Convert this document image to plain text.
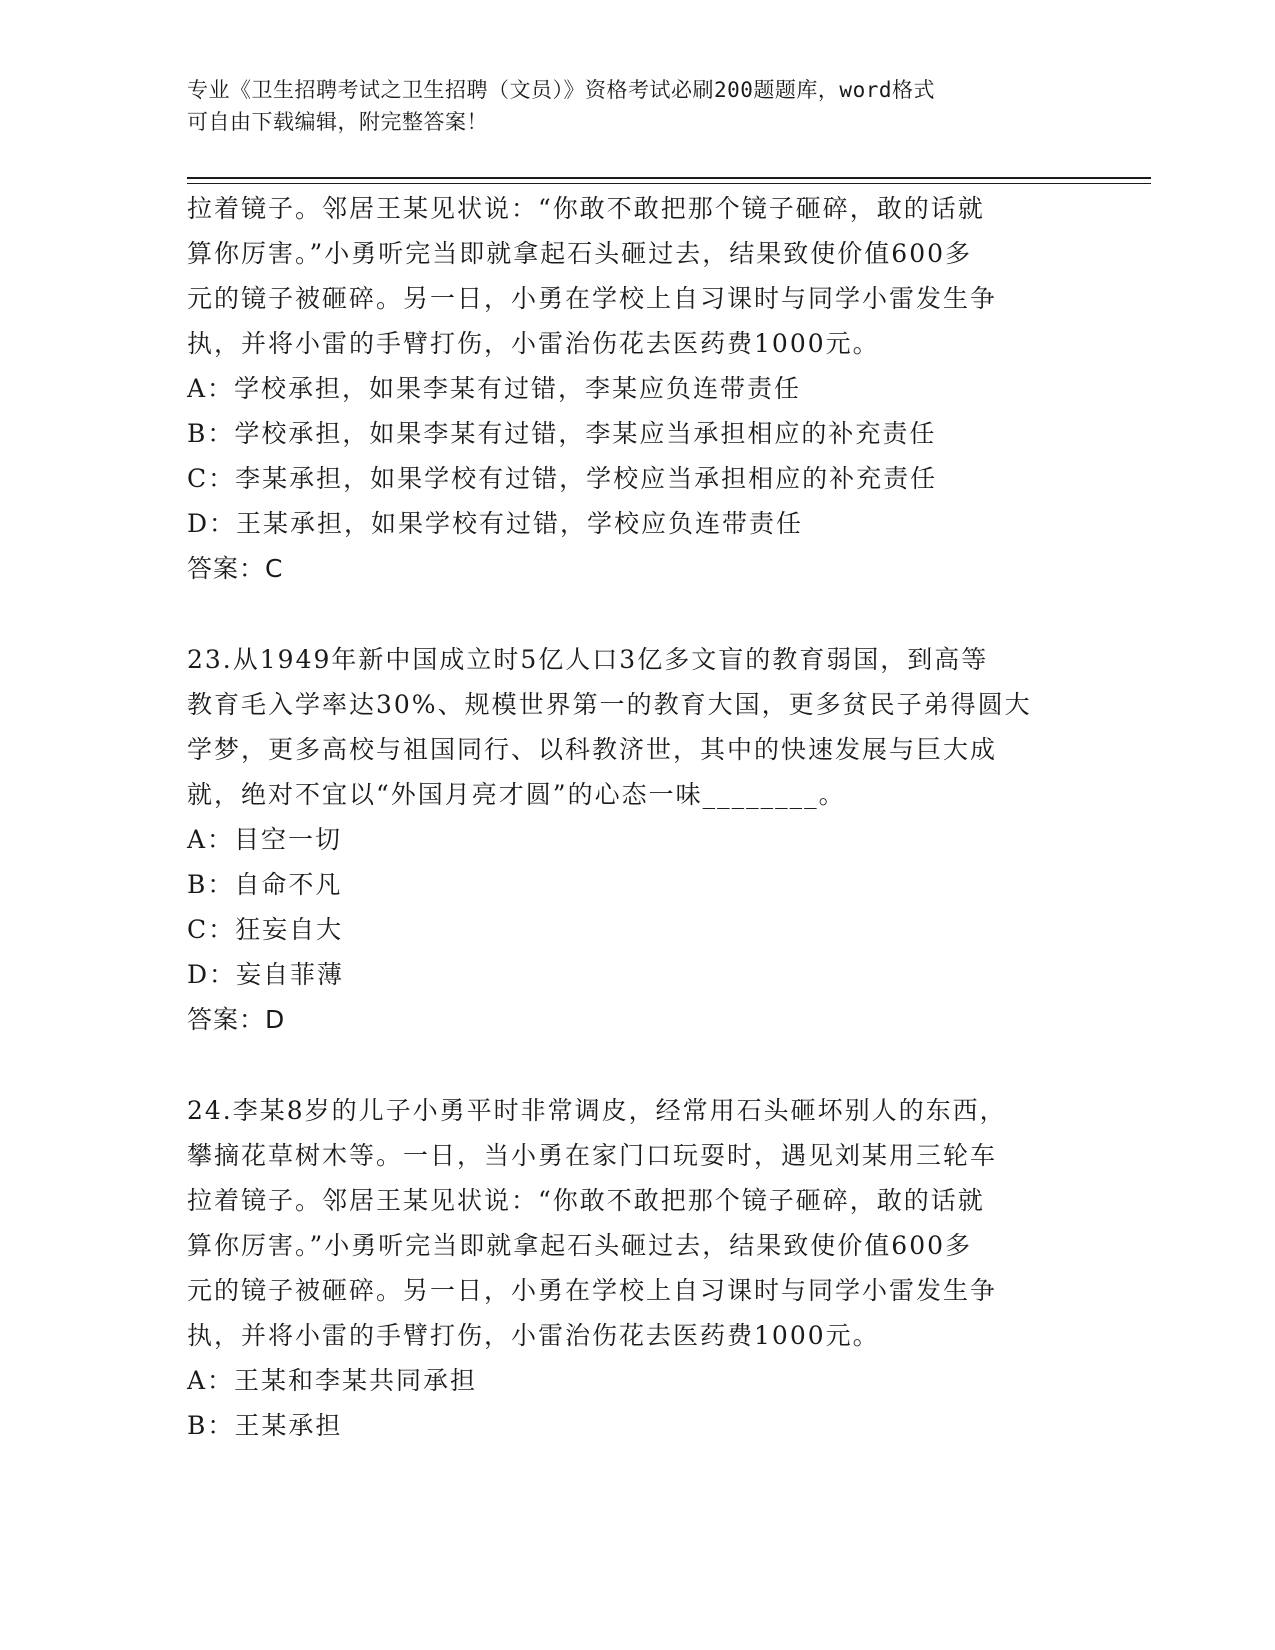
专业《卫生招聘考试之卫生招聘（文员）》资格考试必刷200题题库，word格式
可自由下载编辑，附完整答案！
拉着镜子。邻居王某见状说：“你敢不敢把那个镜子砸碎，敢的话就
算你厉害。”小勇听完当即就拿起石头砸过去，结果致使价值600多
元的镜子被砸碎。另一日，小勇在学校上自习课时与同学小雷发生争
执，并将小雷的手臂打伤，小雷治伤花去医药费1000元。
A：学校承担，如果李某有过错，李某应负连带责任
B：学校承担，如果李某有过错，李某应当承担相应的补充责任
C：李某承担，如果学校有过错，学校应当承担相应的补充责任
D：王某承担，如果学校有过错，学校应负连带责任
答案：C
23.从1949年新中国成立时5亿人口3亿多文盲的教育弱国，到高等
教育毛入学率达30%、规模世界第一的教育大国，更多贫民子弟得圆大
学梦，更多高校与祖国同行、以科教济世，其中的快速发展与巨大成
就，绝对不宜以“外国月亮才圆”的心态一味________。
A：目空一切
B：自命不凡
C：狂妄自大
D：妄自菲薄
答案：D
24.李某8岁的儿子小勇平时非常调皮，经常用石头砸坏别人的东西，
攀摘花草树木等。一日，当小勇在家门口玩耍时，遇见刘某用三轮车
拉着镜子。邻居王某见状说：“你敢不敢把那个镜子砸碎，敢的话就
算你厉害。”小勇听完当即就拿起石头砸过去，结果致使价值600多
元的镜子被砸碎。另一日，小勇在学校上自习课时与同学小雷发生争
执，并将小雷的手臂打伤，小雷治伤花去医药费1000元。
A：王某和李某共同承担
B：王某承担
